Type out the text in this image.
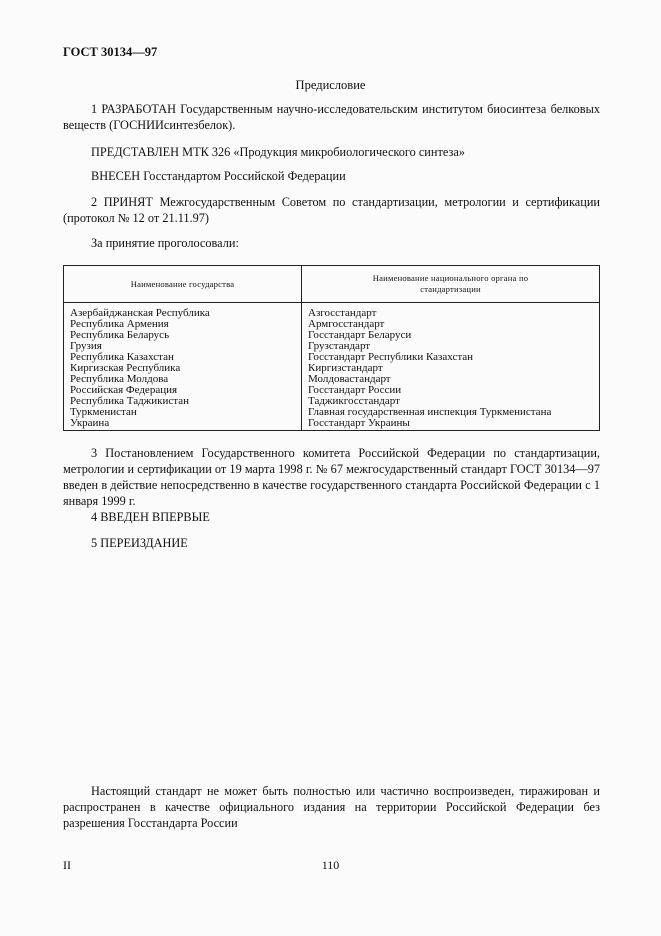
ГОСТ 30134—97
Предисловие

1 РАЗРАБОТАН Государственным научно-исследовательским институтом биосинтеза белковых веществ (ГОСНИИсинтезбелок).

ПРЕДСТАВЛЕН МТК 326 «Продукция микробиологического синтеза»

ВНЕСЕН Госстандартом Российской Федерации

2 ПРИНЯТ Межгосударственным Советом по стандартизации, метрологии и сертификации (протокол № 12 от 21.11.97)

За принятие проголосовали:

Наименование государства
Наименование национального органа по стандартизации
Азербайджанская Республика
Республика Армения
Республика Беларусь
Грузия
Республика Казахстан
Киргизская Республика
Республика Молдова
Российская Федерация
Республика Таджикистан
Туркменистан
Украина
Азгосстандарт
Армгосстандарт
Госстандарт Беларуси
Грузстандарт
Госстандарт Республики Казахстан
Киргизстандарт
Молдовастандарт
Госстандарт России
Таджикгосстандарт
Главная государственная инспекция Туркменистана
Госстандарт Украины

3 Постановлением Государственного комитета Российской Федерации по стандартизации, метрологии и сертификации от 19 марта 1998 г. № 67 межгосударственный стандарт ГОСТ 30134—97 введен в действие непосредственно в качестве государственного стандарта Российской Федерации с 1 января 1999 г.

4 ВВЕДЕН ВПЕРВЫЕ

5 ПЕРЕИЗДАНИЕ

Настоящий стандарт не может быть полностью или частично воспроизведен, тиражирован и распространен в качестве официального издания на территории Российской Федерации без разрешения Госстандарта России

II	110
